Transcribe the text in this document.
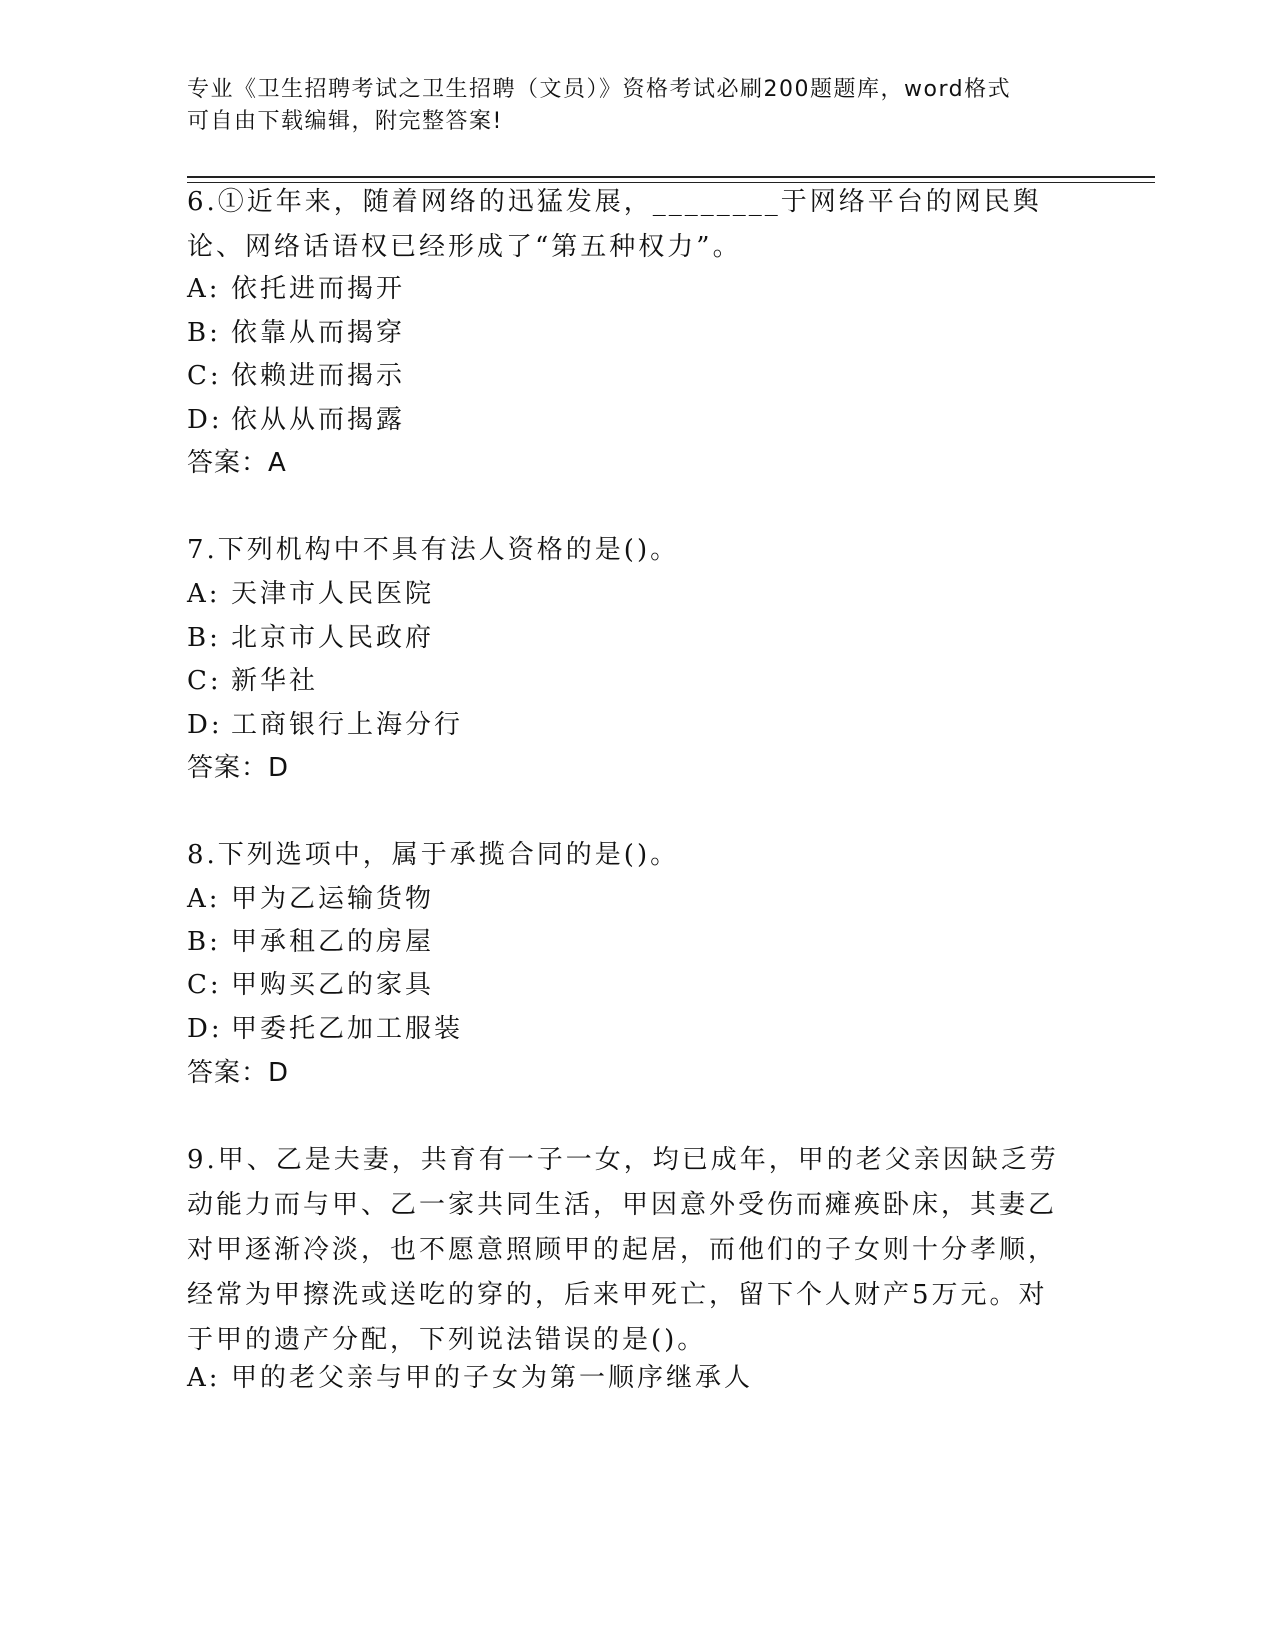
专业《卫生招聘考试之卫生招聘（文员）》资格考试必刷200题题库，word格式
可自由下载编辑，附完整答案!
6.①近年来，随着网络的迅猛发展，________于网络平台的网民舆论、网络话语权已经形成了“第五种权力”。
A: 依托进而揭开
B: 依靠从而揭穿
C: 依赖进而揭示
D: 依从从而揭露
答案：A
7.下列机构中不具有法人资格的是()。
A: 天津市人民医院
B: 北京市人民政府
C: 新华社
D: 工商银行上海分行
答案：D
8.下列选项中，属于承揽合同的是()。
A: 甲为乙运输货物
B: 甲承租乙的房屋
C: 甲购买乙的家具
D: 甲委托乙加工服装
答案：D
9.甲、乙是夫妻，共育有一子一女，均已成年，甲的老父亲因缺乏劳动能力而与甲、乙一家共同生活，甲因意外受伤而瘫痪卧床，其妻乙对甲逐渐冷淡，也不愿意照顾甲的起居，而他们的子女则十分孝顺，经常为甲擦洗或送吃的穿的，后来甲死亡，留下个人财产5万元。对于甲的遗产分配，下列说法错误的是()。
A: 甲的老父亲与甲的子女为第一顺序继承人
